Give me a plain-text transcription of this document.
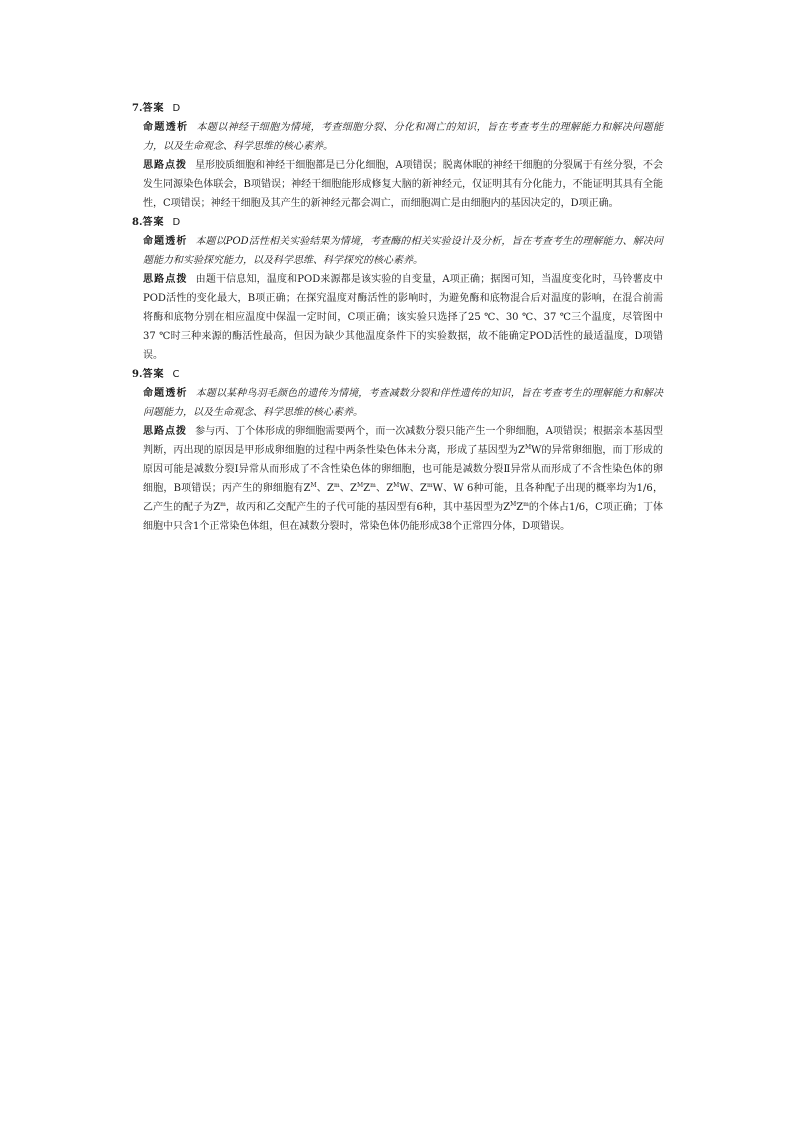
7.答案 D

命题透析 本题以神经干细胞为情境，考查细胞分裂、分化和凋亡的知识，旨在考查考生的理解能力和解决问题能力，以及生命观念、科学思维的核心素养。

思路点拨 星形胶质细胞和神经干细胞都是已分化细胞，A项错误；脱离休眠的神经干细胞的分裂属于有丝分裂，不会发生同源染色体联会，B项错误；神经干细胞能形成修复大脑的新神经元，仅证明其有分化能力，不能证明其具有全能性，C项错误；神经干细胞及其产生的新神经元都会凋亡，而细胞凋亡是由细胞内的基因决定的，D项正确。

8.答案 D

命题透析 本题以POD活性相关实验结果为情境，考查酶的相关实验设计及分析，旨在考查考生的理解能力、解决问题能力和实验探究能力，以及科学思维、科学探究的核心素养。

思路点拨 由题干信息知，温度和POD来源都是该实验的自变量，A项正确；据图可知，当温度变化时，马铃薯皮中POD活性的变化最大，B项正确；在探究温度对酶活性的影响时，为避免酶和底物混合后对温度的影响，在混合前需将酶和底物分别在相应温度中保温一定时间，C项正确；该实验只选择了25 ℃、30 ℃、37 ℃三个温度，尽管图中37 ℃时三种来源的酶活性最高，但因为缺少其他温度条件下的实验数据，故不能确定POD活性的最适温度，D项错误。

9.答案 C

命题透析 本题以某种鸟羽毛颜色的遗传为情境，考查减数分裂和伴性遗传的知识，旨在考查考生的理解能力和解决问题能力，以及生命观念、科学思维的核心素养。

思路点拨 参与丙、丁个体形成的卵细胞需要两个，而一次减数分裂只能产生一个卵细胞，A项错误；根据亲本基因型判断，丙出现的原因是甲形成卵细胞的过程中两条性染色体未分离，形成了基因型为$Z^MW$的异常卵细胞，而丁形成的原因可能是减数分裂Ⅰ异常从而形成了不含性染色体的卵细胞，也可能是减数分裂Ⅱ异常从而形成了不含性染色体的卵细胞，B项错误；丙产生的卵细胞有$Z^M$、$Z^m$、$Z^MZ^m$、$Z^MW$、$Z^mW$、W 6种可能，且各种配子出现的概率均为1/6，乙产生的配子为$Z^m$，故丙和乙交配产生的子代可能的基因型有6种，其中基因型为$Z^MZ^m$的个体占1/6，C项正确；丁体细胞中只含1个正常染色体组，但在减数分裂时，常染色体仍能形成38个正常四分体，D项错误。
